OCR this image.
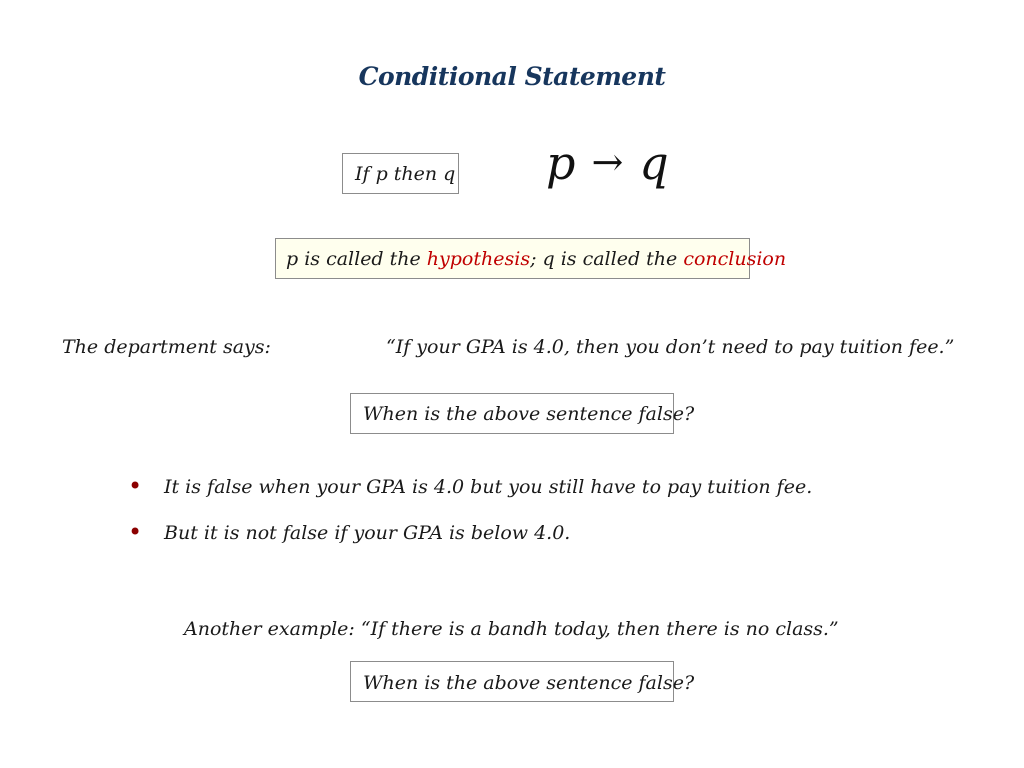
Conditional Statement
If p then q p → q
p is called the hypothesis; q is called the conclusion
The department says:	“If your GPA is 4.0, then you don’t need to pay tuition fee.”
When is the above sentence false?
• It is false when your GPA is 4.0 but you still have to pay tuition fee.
• But it is not false if your GPA is below 4.0.
Another example: “If there is a bandh today, then there is no class.”
When is the above sentence false?
